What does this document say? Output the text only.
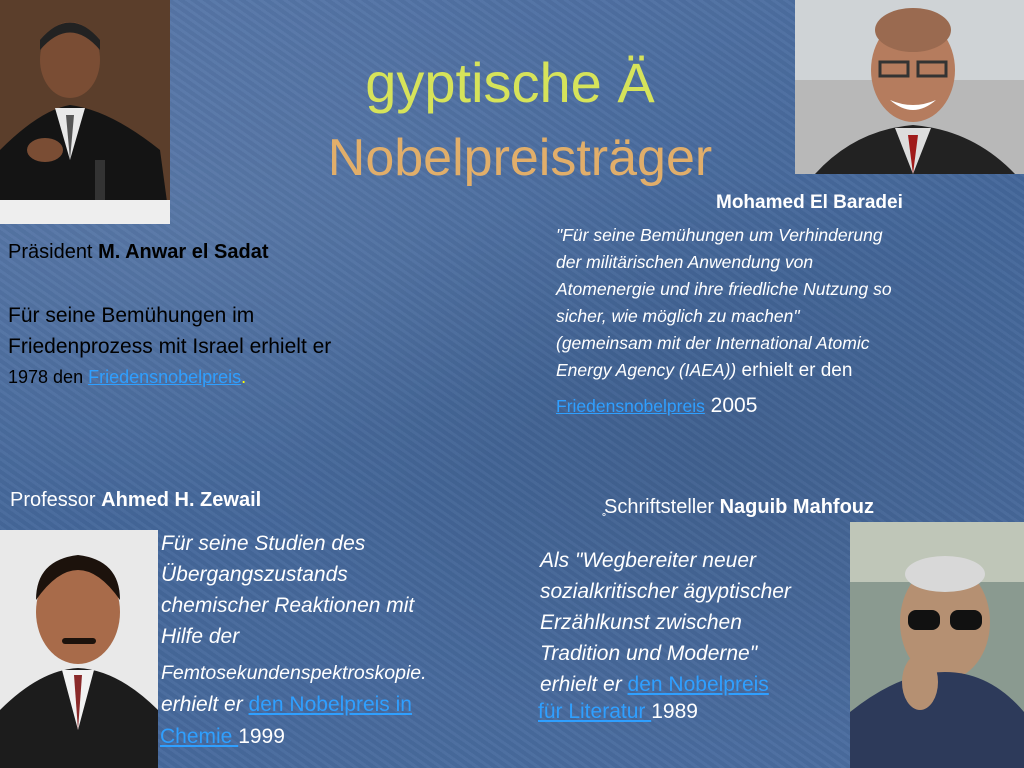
gyptische Ä
Nobelpreisträger
Präsident M. Anwar el Sadat
Für seine Bemühungen im
Friedenprozess mit Israel erhielt er
1978 den Friedensnobelpreis.
Mohamed El Baradei
"Für seine Bemühungen um Verhinderung
der militärischen Anwendung von
Atomenergie und ihre friedliche Nutzung so
sicher, wie möglich zu machen"
(gemeinsam mit der International Atomic
Energy Agency (IAEA)) erhielt er den
Friedensnobelpreis 2005
Professor Ahmed H. Zewail
Für seine Studien des
Übergangszustands
chemischer Reaktionen mit
Hilfe der
Femtosekundenspektroskopie.
erhielt er den Nobelpreis in
Chemie 1999
Schriftsteller Naguib Mahfouz
Als "Wegbereiter neuer
sozialkritischer ägyptischer
Erzählkunst zwischen
Tradition und Moderne"
erhielt er den Nobelpreis
für Literatur 1989
